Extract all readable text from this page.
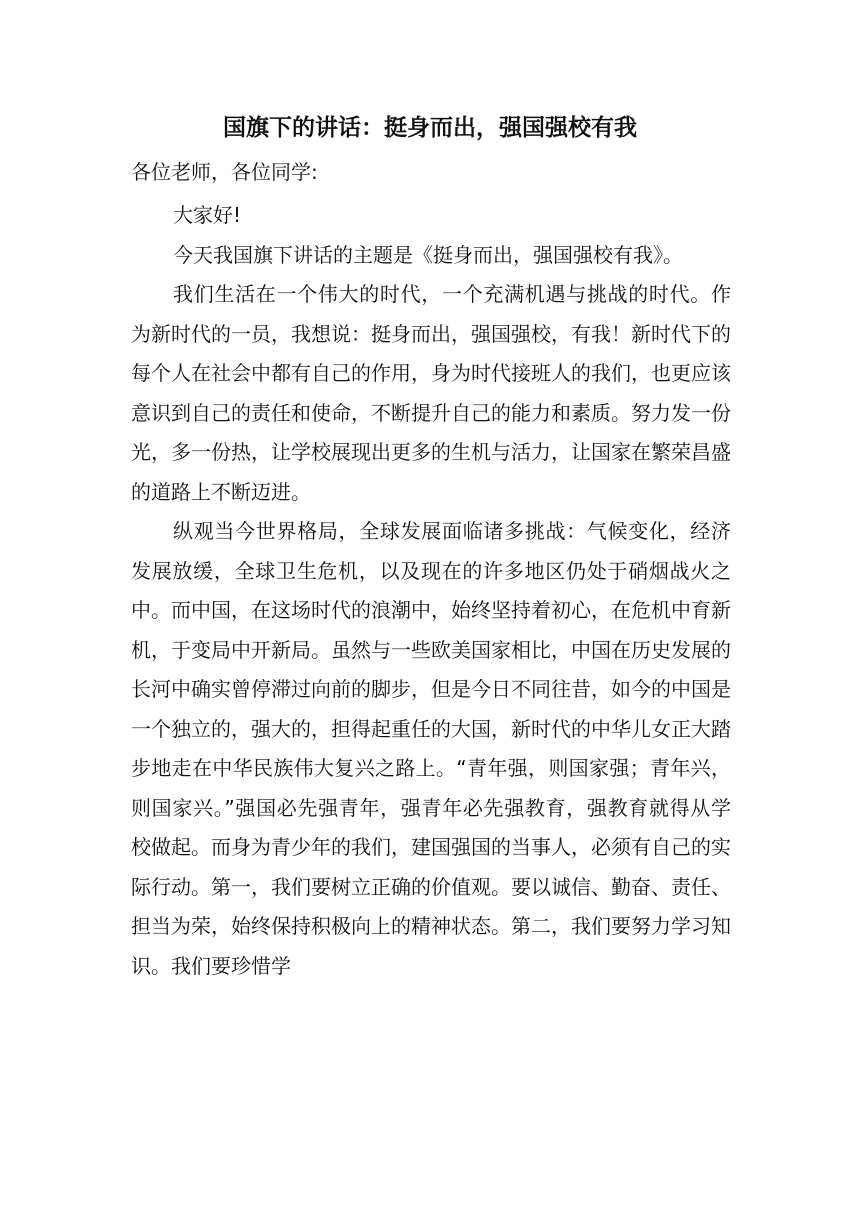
国旗下的讲话：挺身而出，强国强校有我

各位老师，各位同学:

大家好!

今天我国旗下讲话的主题是《挺身而出，强国强校有我》。

我们生活在一个伟大的时代，一个充满机遇与挑战的时代。作为新时代的一员，我想说：挺身而出，强国强校，有我！新时代下的每个人在社会中都有自己的作用，身为时代接班人的我们，也更应该意识到自己的责任和使命，不断提升自己的能力和素质。努力发一份光，多一份热，让学校展现出更多的生机与活力，让国家在繁荣昌盛的道路上不断迈进。

纵观当今世界格局，全球发展面临诸多挑战：气候变化，经济发展放缓，全球卫生危机，以及现在的许多地区仍处于硝烟战火之中。而中国，在这场时代的浪潮中，始终坚持着初心，在危机中育新机，于变局中开新局。虽然与一些欧美国家相比，中国在历史发展的长河中确实曾停滞过向前的脚步，但是今日不同往昔，如今的中国是一个独立的，强大的，担得起重任的大国，新时代的中华儿女正大踏步地走在中华民族伟大复兴之路上。“青年强，则国家强；青年兴，则国家兴。”强国必先强青年，强青年必先强教育，强教育就得从学校做起。而身为青少年的我们，建国强国的当事人，必须有自己的实际行动。第一，我们要树立正确的价值观。要以诚信、勤奋、责任、担当为荣，始终保持积极向上的精神状态。第二，我们要努力学习知识。我们要珍惜学
